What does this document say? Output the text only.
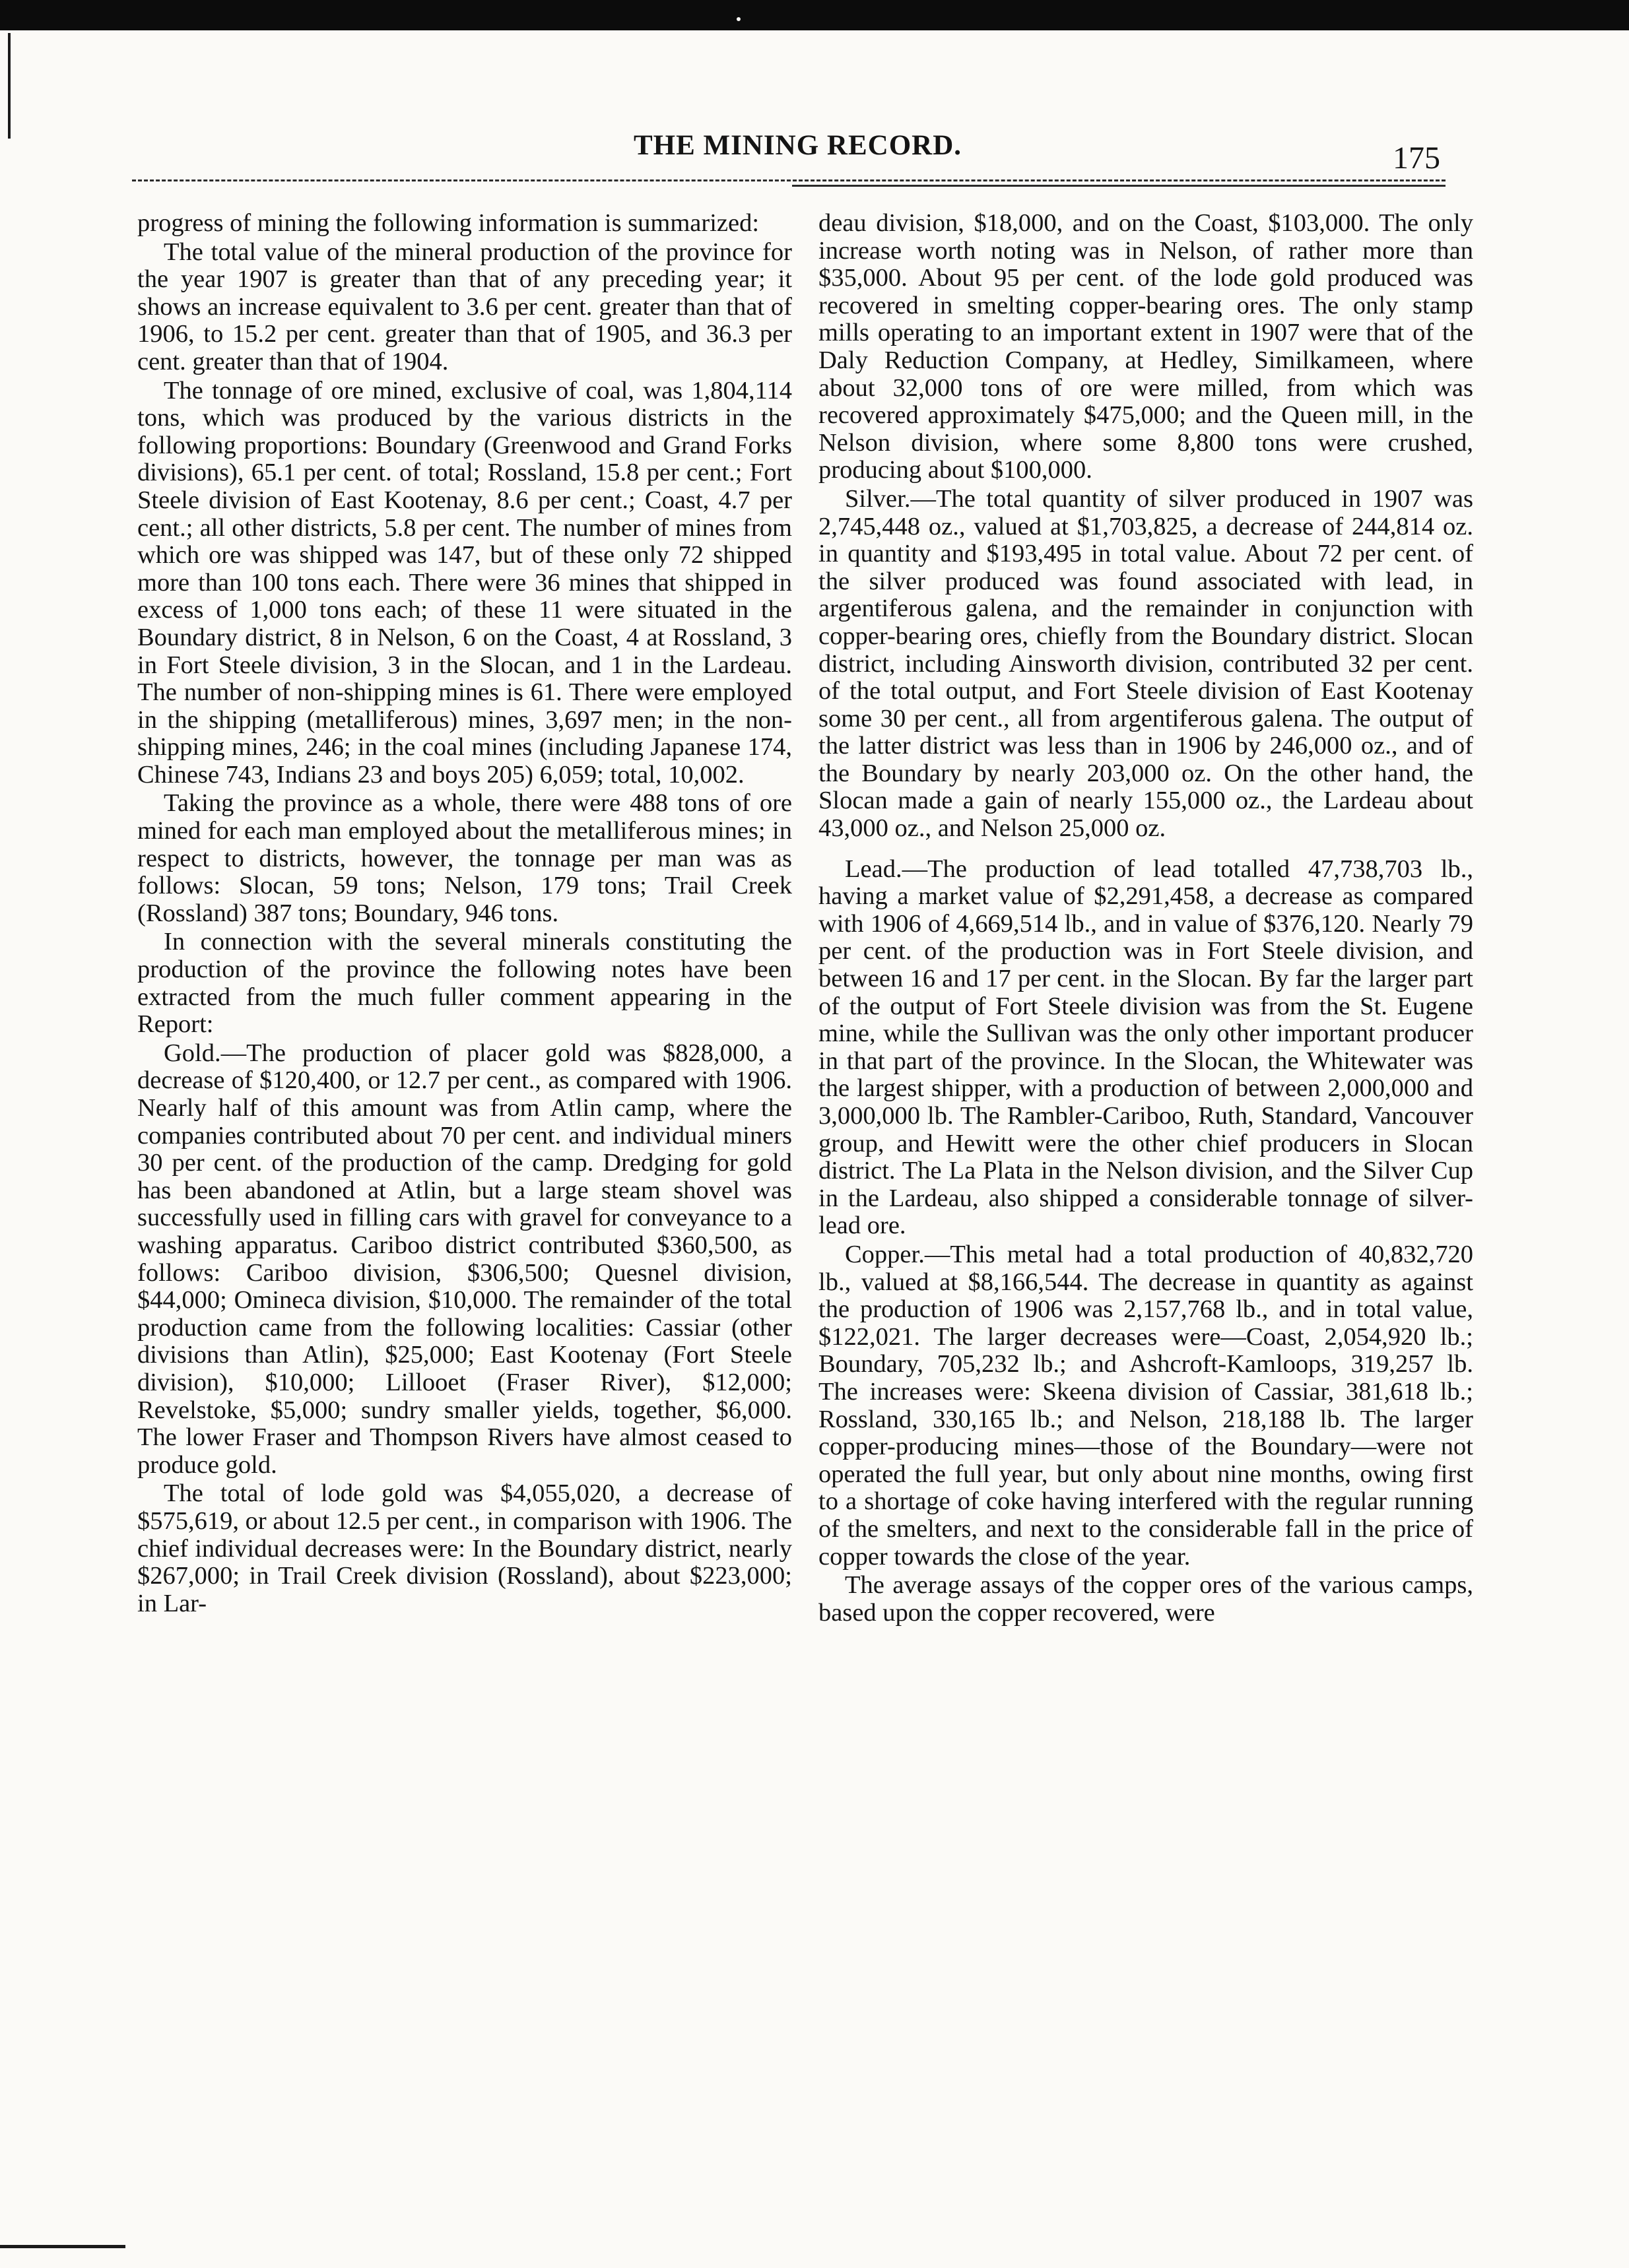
THE MINING RECORD.	175

progress of mining the following information is summarized:

The total value of the mineral production of the province for the year 1907 is greater than that of any preceding year; it shows an increase equivalent to 3.6 per cent. greater than that of 1906, to 15.2 per cent. greater than that of 1905, and 36.3 per cent. greater than that of 1904.

The tonnage of ore mined, exclusive of coal, was 1,804,114 tons, which was produced by the various districts in the following proportions: Boundary (Greenwood and Grand Forks divisions), 65.1 per cent. of total; Rossland, 15.8 per cent.; Fort Steele division of East Kootenay, 8.6 per cent.; Coast, 4.7 per cent.; all other districts, 5.8 per cent. The number of mines from which ore was shipped was 147, but of these only 72 shipped more than 100 tons each. There were 36 mines that shipped in excess of 1,000 tons each; of these 11 were situated in the Boundary district, 8 in Nelson, 6 on the Coast, 4 at Rossland, 3 in Fort Steele division, 3 in the Slocan, and 1 in the Lardeau. The number of non-shipping mines is 61. There were employed in the shipping (metalliferous) mines, 3,697 men; in the non-shipping mines, 246; in the coal mines (including Japanese 174, Chinese 743, Indians 23 and boys 205) 6,059; total, 10,002.

Taking the province as a whole, there were 488 tons of ore mined for each man employed about the metalliferous mines; in respect to districts, however, the tonnage per man was as follows: Slocan, 59 tons; Nelson, 179 tons; Trail Creek (Rossland) 387 tons; Boundary, 946 tons.

In connection with the several minerals constituting the production of the province the following notes have been extracted from the much fuller comment appearing in the Report:

Gold.—The production of placer gold was $828,000, a decrease of $120,400, or 12.7 per cent., as compared with 1906. Nearly half of this amount was from Atlin camp, where the companies contributed about 70 per cent. and individual miners 30 per cent. of the production of the camp. Dredging for gold has been abandoned at Atlin, but a large steam shovel was successfully used in filling cars with gravel for conveyance to a washing apparatus. Cariboo district contributed $360,500, as follows: Cariboo division, $306,500; Quesnel division, $44,000; Omineca division, $10,000. The remainder of the total production came from the following localities: Cassiar (other divisions than Atlin), $25,000; East Kootenay (Fort Steele division), $10,000; Lillooet (Fraser River), $12,000; Revelstoke, $5,000; sundry smaller yields, together, $6,000. The lower Fraser and Thompson Rivers have almost ceased to produce gold.

The total of lode gold was $4,055,020, a decrease of $575,619, or about 12.5 per cent., in comparison with 1906. The chief individual decreases were: In the Boundary district, nearly $267,000; in Trail Creek division (Rossland), about $223,000; in Lar-

deau division, $18,000, and on the Coast, $103,000. The only increase worth noting was in Nelson, of rather more than $35,000. About 95 per cent. of the lode gold produced was recovered in smelting copper-bearing ores. The only stamp mills operating to an important extent in 1907 were that of the Daly Reduction Company, at Hedley, Similkameen, where about 32,000 tons of ore were milled, from which was recovered approximately $475,000; and the Queen mill, in the Nelson division, where some 8,800 tons were crushed, producing about $100,000.

Silver.—The total quantity of silver produced in 1907 was 2,745,448 oz., valued at $1,703,825, a decrease of 244,814 oz. in quantity and $193,495 in total value. About 72 per cent. of the silver produced was found associated with lead, in argentiferous galena, and the remainder in conjunction with copper-bearing ores, chiefly from the Boundary district. Slocan district, including Ainsworth division, contributed 32 per cent. of the total output, and Fort Steele division of East Kootenay some 30 per cent., all from argentiferous galena. The output of the latter district was less than in 1906 by 246,000 oz., and of the Boundary by nearly 203,000 oz. On the other hand, the Slocan made a gain of nearly 155,000 oz., the Lardeau about 43,000 oz., and Nelson 25,000 oz.

Lead.—The production of lead totalled 47,738,703 lb., having a market value of $2,291,458, a decrease as compared with 1906 of 4,669,514 lb., and in value of $376,120. Nearly 79 per cent. of the production was in Fort Steele division, and between 16 and 17 per cent. in the Slocan. By far the larger part of the output of Fort Steele division was from the St. Eugene mine, while the Sullivan was the only other important producer in that part of the province. In the Slocan, the Whitewater was the largest shipper, with a production of between 2,000,000 and 3,000,000 lb. The Rambler-Cariboo, Ruth, Standard, Vancouver group, and Hewitt were the other chief producers in Slocan district. The La Plata in the Nelson division, and the Silver Cup in the Lardeau, also shipped a considerable tonnage of silver-lead ore.

Copper.—This metal had a total production of 40,832,720 lb., valued at $8,166,544. The decrease in quantity as against the production of 1906 was 2,157,768 lb., and in total value, $122,021. The larger decreases were—Coast, 2,054,920 lb.; Boundary, 705,232 lb.; and Ashcroft-Kamloops, 319,257 lb. The increases were: Skeena division of Cassiar, 381,618 lb.; Rossland, 330,165 lb.; and Nelson, 218,188 lb. The larger copper-producing mines—those of the Boundary—were not operated the full year, but only about nine months, owing first to a shortage of coke having interfered with the regular running of the smelters, and next to the considerable fall in the price of copper towards the close of the year.

The average assays of the copper ores of the various camps, based upon the copper recovered, were
